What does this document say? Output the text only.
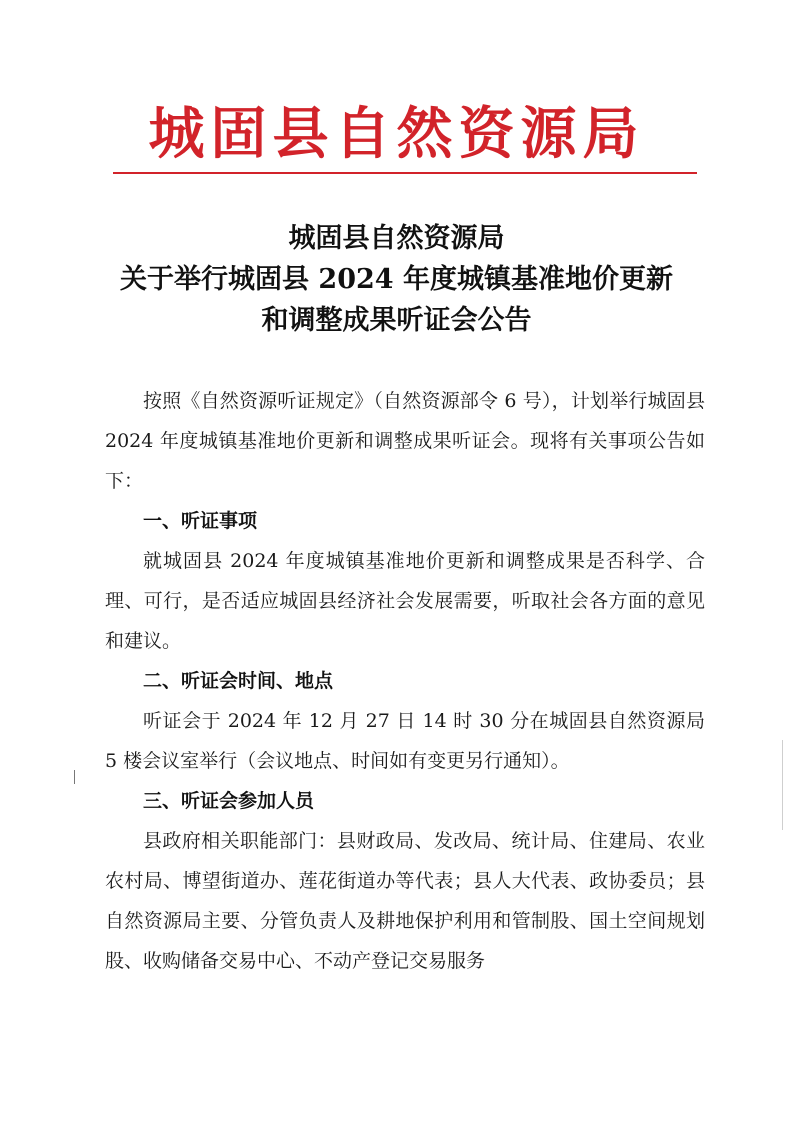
城固县自然资源局
城固县自然资源局
关于举行城固县 2024 年度城镇基准地价更新
和调整成果听证会公告

按照《自然资源听证规定》（自然资源部令 6 号），计划举行城固县 2024 年度城镇基准地价更新和调整成果听证会。现将有关事项公告如下：

一、听证事项

就城固县 2024 年度城镇基准地价更新和调整成果是否科学、合理、可行，是否适应城固县经济社会发展需要，听取社会各方面的意见和建议。

二、听证会时间、地点

听证会于 2024 年 12 月 27 日 14 时 30 分在城固县自然资源局 5 楼会议室举行（会议地点、时间如有变更另行通知）。

三、听证会参加人员

县政府相关职能部门：县财政局、发改局、统计局、住建局、农业农村局、博望街道办、莲花街道办等代表；县人大代表、政协委员；县自然资源局主要、分管负责人及耕地保护利用和管制股、国土空间规划股、收购储备交易中心、不动产登记交易服务
